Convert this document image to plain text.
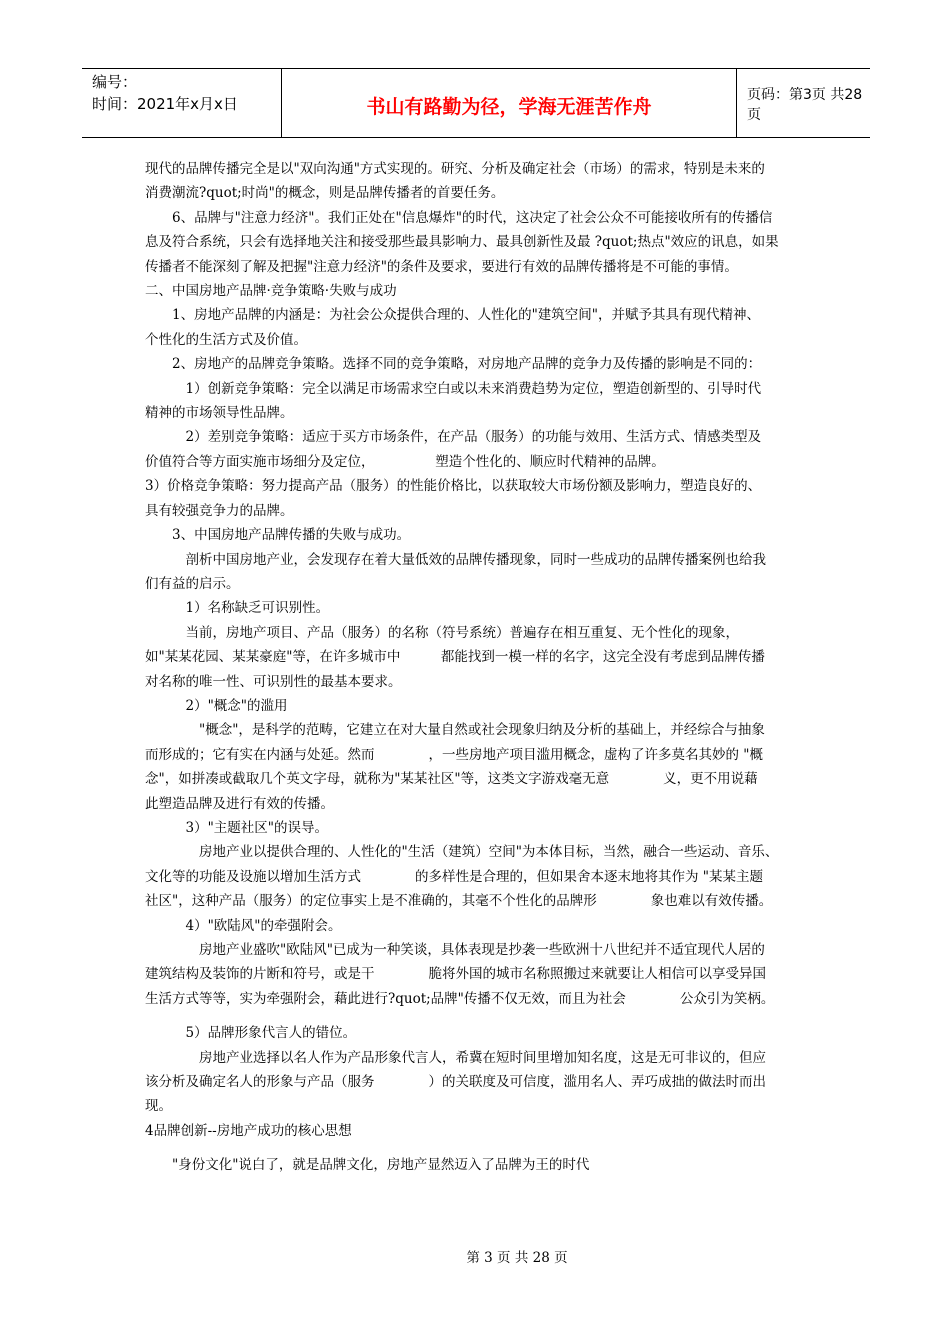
编号：
时间：2021年x月x日	书山有路勤为径，学海无涯苦作舟
页码：第3页 共28页

现代的品牌传播完全是以"双向沟通"方式实现的。研究、分析及确定社会（市场）的需求，特别是未来的

消费潮流?quot;时尚"的概念，则是品牌传播者的首要任务。

　　6、品牌与"注意力经济"。我们正处在"信息爆炸"的时代，这决定了社会公众不可能接收所有的传播信

息及符合系统，只会有选择地关注和接受那些最具影响力、最具创新性及最 ?quot;热点"效应的讯息，如果

传播者不能深刻了解及把握"注意力经济"的条件及要求，要进行有效的品牌传播将是不可能的事情。

二、中国房地产品牌·竞争策略·失败与成功

　　1、房地产品牌的内涵是：为社会公众提供合理的、人性化的"建筑空间"，并赋予其具有现代精神、

个性化的生活方式及价值。

　　2、房地产的品牌竞争策略。选择不同的竞争策略，对房地产品牌的竞争力及传播的影响是不同的：

　　　1）创新竞争策略：完全以满足市场需求空白或以未来消费趋势为定位，塑造创新型的、引导时代

精神的市场领导性品牌。

　　　2）差别竞争策略：适应于买方市场条件，在产品（服务）的功能与效用、生活方式、情感类型及

价值符合等方面实施市场细分及定位，　　　　　塑造个性化的、顺应时代精神的品牌。

3）价格竞争策略：努力提高产品（服务）的性能价格比，以获取较大市场份额及影响力，塑造良好的、

具有较强竞争力的品牌。

　　3、中国房地产品牌传播的失败与成功。

　　　剖析中国房地产业，会发现存在着大量低效的品牌传播现象，同时一些成功的品牌传播案例也给我

们有益的启示。

　　　1）名称缺乏可识别性。

　　　当前，房地产项目、产品（服务）的名称（符号系统）普遍存在相互重复、无个性化的现象，

如"某某花园、某某豪庭"等，在许多城市中　　　都能找到一模一样的名字，这完全没有考虑到品牌传播

对名称的唯一性、可识别性的最基本要求。

　　　2）"概念"的滥用

　　　　"概念"，是科学的范畴，它建立在对大量自然或社会现象归纳及分析的基础上，并经综合与抽象

而形成的；它有实在内涵与处延。然而　　　　，一些房地产项目滥用概念，虚构了许多莫名其妙的 "概

念"，如拼凑或截取几个英文字母，就称为"某某社区"等，这类文字游戏毫无意　　　　义，更不用说藉

此塑造品牌及进行有效的传播。

　　　3）"主题社区"的误导。

　　　　房地产业以提供合理的、人性化的"生活（建筑）空间"为本体目标，当然，融合一些运动、音乐、

文化等的功能及设施以增加生活方式　　　　的多样性是合理的，但如果舍本逐末地将其作为 "某某主题

社区"，这种产品（服务）的定位事实上是不准确的，其毫不个性化的品牌形　　　　象也难以有效传播。

　　　4）"欧陆风"的牵强附会。

　　　　房地产业盛吹"欧陆风"已成为一种笑谈，具体表现是抄袭一些欧洲十八世纪并不适宜现代人居的

建筑结构及装饰的片断和符号，或是干　　　　脆将外国的城市名称照搬过来就要让人相信可以享受异国

生活方式等等，实为牵强附会，藉此进行?quot;品牌"传播不仅无效，而且为社会　　　　公众引为笑柄。

　　　5）品牌形象代言人的错位。

　　　　房地产业选择以名人作为产品形象代言人，希冀在短时间里增加知名度，这是无可非议的，但应

该分析及确定名人的形象与产品（服务　　　　）的关联度及可信度，滥用名人、弄巧成拙的做法时而出

现。

4品牌创新--房地产成功的核心思想

　　"身份文化"说白了，就是品牌文化，房地产显然迈入了品牌为王的时代

第 3 页 共 28 页
